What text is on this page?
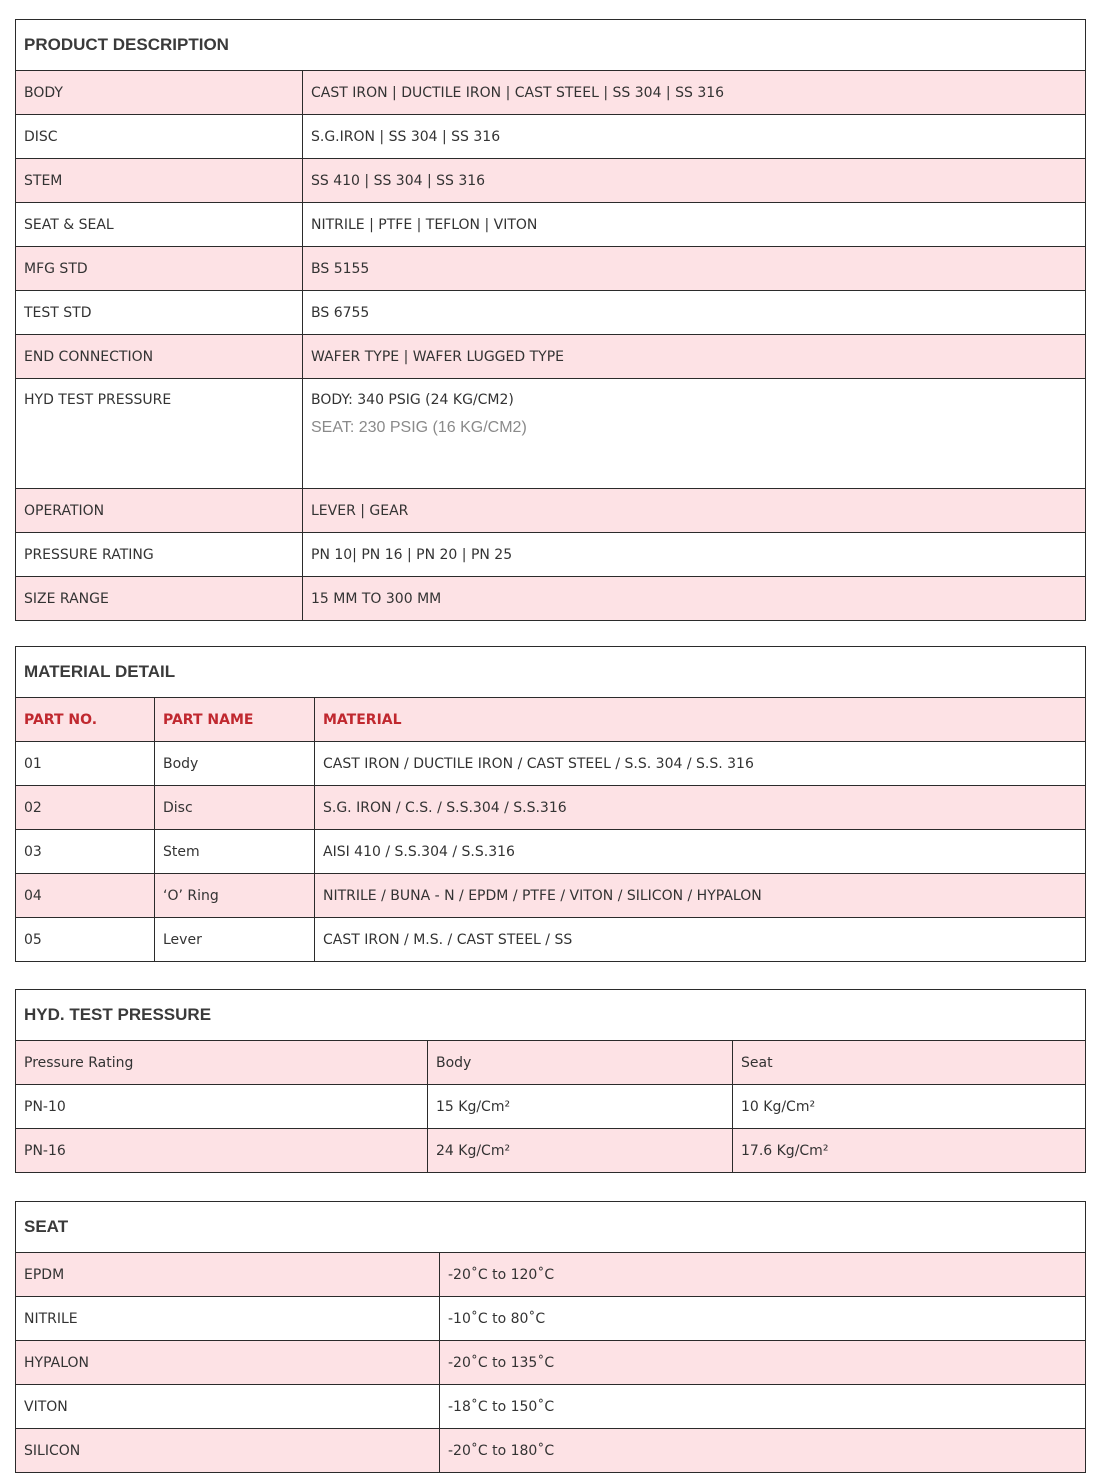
PRODUCT DESCRIPTION	
BODY	CAST IRON | DUCTILE IRON | CAST STEEL | SS 304 | SS 316
DISC	S.G.IRON | SS 304 | SS 316
STEM	SS 410 | SS 304 | SS 316
SEAT & SEAL	NITRILE | PTFE | TEFLON | VITON
MFG STD	BS 5155
TEST STD	BS 6755
END CONNECTION	WAFER TYPE | WAFER LUGGED TYPE
HYD TEST PRESSURE	BODY: 340 PSIG (24 KG/CM2)
SEAT: 230 PSIG (16 KG/CM2)

OPERATION	LEVER | GEAR
PRESSURE RATING	PN 10| PN 16 | PN 20 | PN 25
SIZE RANGE	15 MM TO 300 MM
MATERIAL DETAIL		
PART NO.	PART NAME	MATERIAL
01	Body	CAST IRON / DUCTILE IRON / CAST STEEL / S.S. 304 / S.S. 316
02	Disc	S.G. IRON / C.S. / S.S.304 / S.S.316
03	Stem	AISI 410 / S.S.304 / S.S.316
04	‘O’ Ring	NITRILE / BUNA - N / EPDM / PTFE / VITON / SILICON / HYPALON
05	Lever	CAST IRON / M.S. / CAST STEEL / SS
HYD. TEST PRESSURE		
Pressure Rating	Body	Seat
PN-10	15 Kg/Cm²	10 Kg/Cm²
PN-16	24 Kg/Cm²	17.6 Kg/Cm²
SEAT	
EPDM	-20˚C to 120˚C
NITRILE	-10˚C to 80˚C
HYPALON	-20˚C to 135˚C
VITON	-18˚C to 150˚C
SILICON	-20˚C to 180˚C
